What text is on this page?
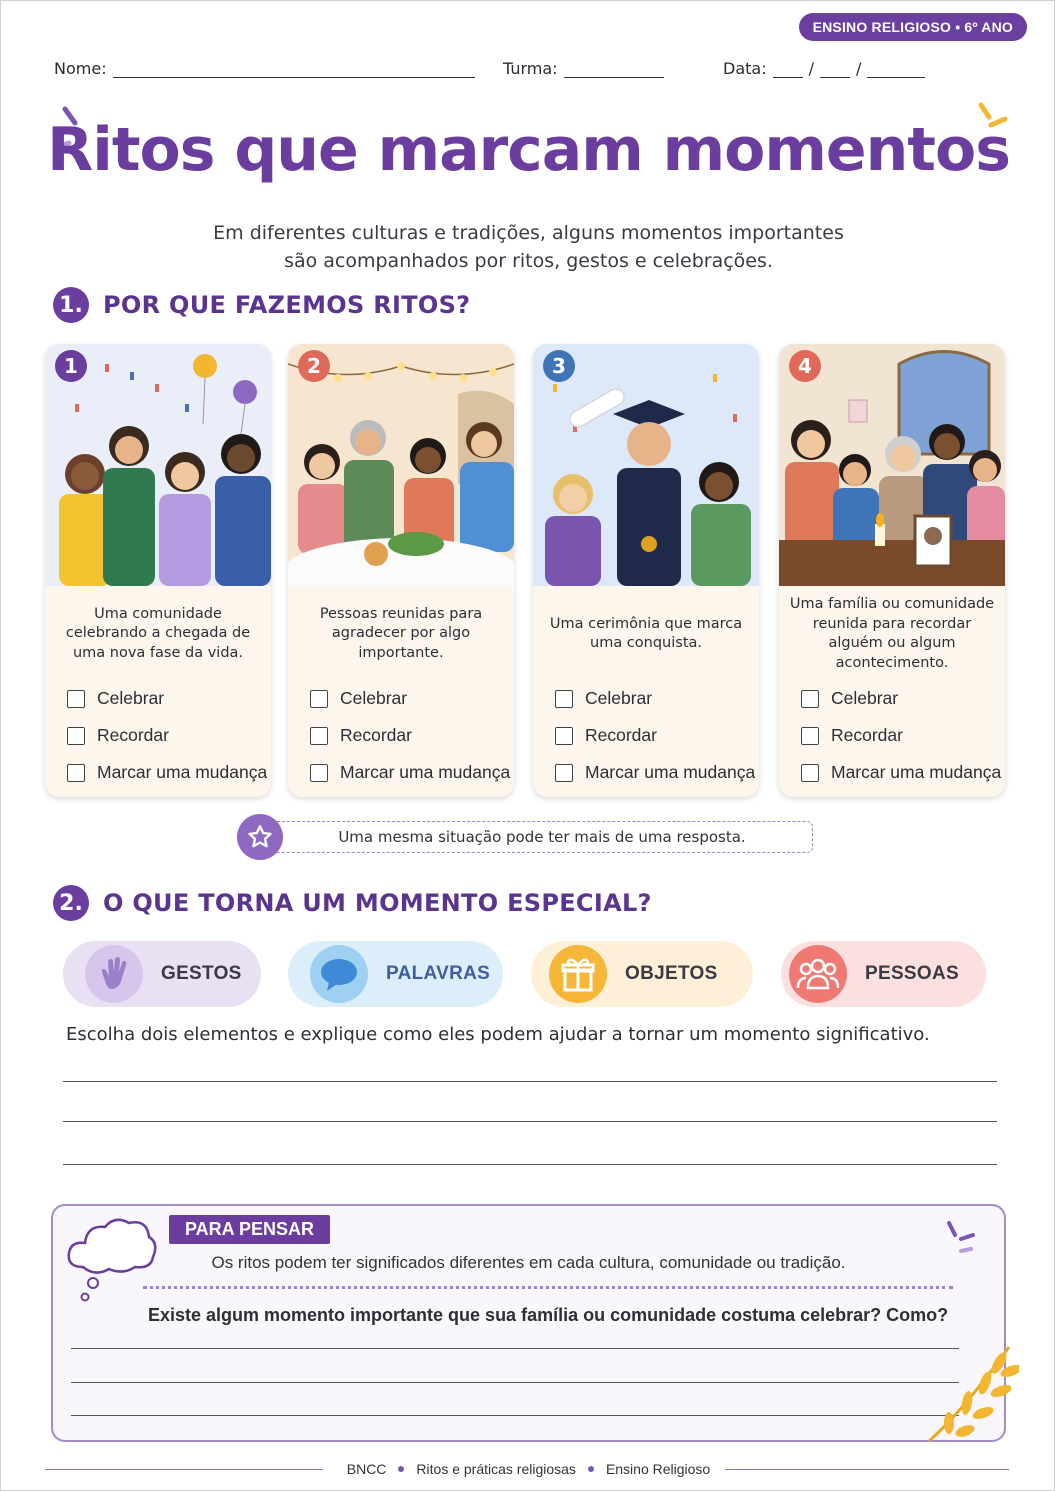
ENSINO RELIGIOSO • 6º ANO
Nome:	Turma:	Data:	/	/
Ritos que marcam momentos
Em diferentes culturas e tradições, alguns momentos importantes
são acompanhados por ritos, gestos e celebrações.
1. POR QUE FAZEMOS RITOS?
1
Uma comunidade celebrando a chegada de uma nova fase da vida.
Celebrar
Recordar
Marcar uma mudança
2
Pessoas reunidas para agradecer por algo importante.
Celebrar
Recordar
Marcar uma mudança
3
Uma cerimônia que marca uma conquista.
Celebrar
Recordar
Marcar uma mudança
4
Uma família ou comunidade reunida para recordar alguém ou algum acontecimento.
Celebrar
Recordar
Marcar uma mudança
Uma mesma situação pode ter mais de uma resposta.
2. O QUE TORNA UM MOMENTO ESPECIAL?
GESTOS	PALAVRAS	OBJETOS	PESSOAS
Escolha dois elementos e explique como eles podem ajudar a tornar um momento significativo.
PARA PENSAR
Os ritos podem ter significados diferentes em cada cultura, comunidade ou tradição.
Existe algum momento importante que sua família ou comunidade costuma celebrar? Como?
BNCC Ritos e práticas religiosas Ensino Religioso
